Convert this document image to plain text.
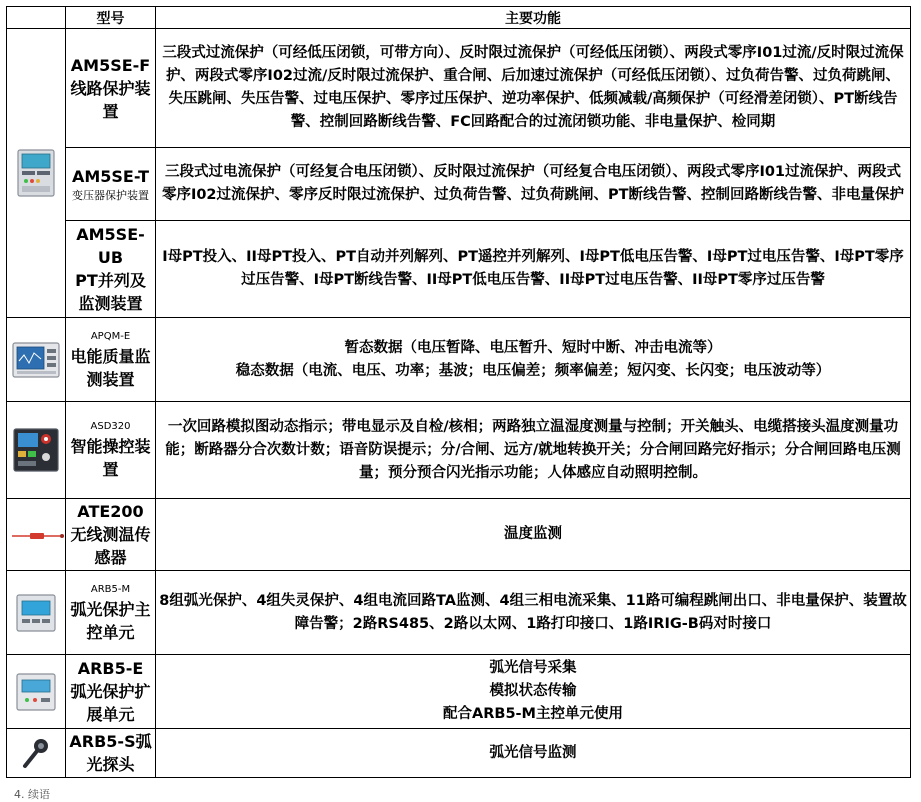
	型号	主要功能

AM5SE-F
线路保护装置	三段式过流保护（可经低压闭锁，可带方向）、反时限过流保护（可经低压闭锁）、两段式零序I01过流/反时限过流保护、两段式零序I02过流/反时限过流保护、重合闸、后加速过流保护（可经低压闭锁）、过负荷告警、过负荷跳闸、失压跳闸、失压告警、过电压保护、零序过压保护、逆功率保护、低频减载/高频保护（可经滑差闭锁）、PT断线告警、控制回路断线告警、FC回路配合的过流闭锁功能、非电量保护、检同期

	AM5SE-T
变压器保护装置	三段式过电流保护（可经复合电压闭锁）、反时限过流保护（可经复合电压闭锁）、两段式零序I01过流保护、两段式零序I02过流保护、零序反时限过流保护、过负荷告警、过负荷跳闸、PT断线告警、控制回路断线告警、非电量保护

	AM5SE-UB
PT并列及监测装置	I母PT投入、II母PT投入、PT自动并列解列、PT遥控并列解列、I母PT低电压告警、I母PT过电压告警、I母PT零序过压告警、I母PT断线告警、II母PT低电压告警、II母PT过电压告警、II母PT零序过压告警

APQM-E
电能质量监测装置	暂态数据（电压暂降、电压暂升、短时中断、冲击电流等）
稳态数据（电流、电压、功率；基波；电压偏差；频率偏差；短闪变、长闪变；电压波动等）

ASD320
智能操控装置	一次回路模拟图动态指示；带电显示及自检/核相；两路独立温湿度测量与控制；开关触头、电缆搭接头温度测量功能；断路器分合次数计数；语音防误提示；分/合闸、远方/就地转换开关；分合闸回路完好指示；分合闸回路电压测量；预分预合闪光指示功能；人体感应自动照明控制。

ATE200
无线测温传感器	温度监测

ARB5-M
弧光保护主控单元	8组弧光保护、4组失灵保护、4组电流回路TA监测、4组三相电流采集、11路可编程跳闸出口、非电量保护、装置故障告警；2路RS485、2路以太网、1路打印接口、1路IRIG-B码对时接口

ARB5-E
弧光保护扩展单元	弧光信号采集
模拟状态传输
配合ARB5-M主控单元使用

ARB5-S弧光探头	弧光信号监测
4. 续语
